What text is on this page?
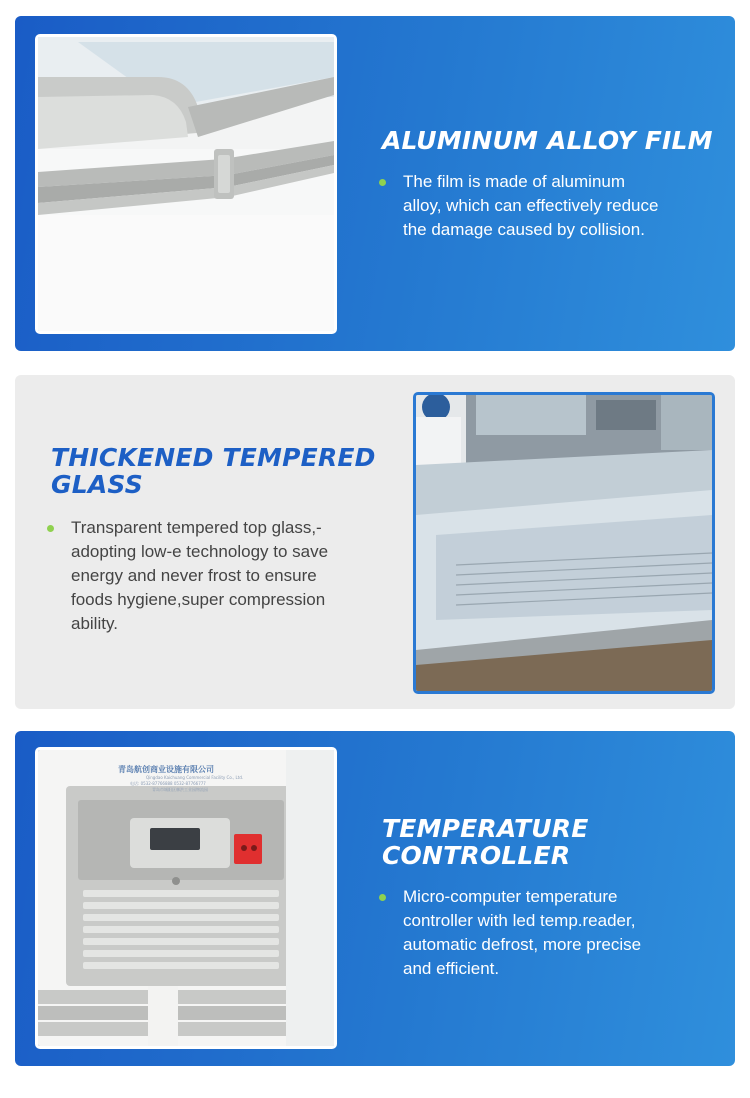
ALUMINUM ALLOY FILM

The film is made of aluminum
alloy, which can effectively reduce
the damage caused by collision.

THICKENED TEMPERED
GLASS

Transparent tempered top glass,-
adopting low-e technology to save
energy and never frost to ensure
foods hygiene,super compression
ability.

青岛航创商业设施有限公司
Qingdao Kaichuang Commercial Facility Co., Ltd.
电话: 0532-87766888 0532-87766777
青岛市城阳区棘洪工业园物流园
TEMPERATURE
CONTROLLER

Micro-computer temperature
controller with led temp.reader,
automatic defrost, more precise
and efficient.
